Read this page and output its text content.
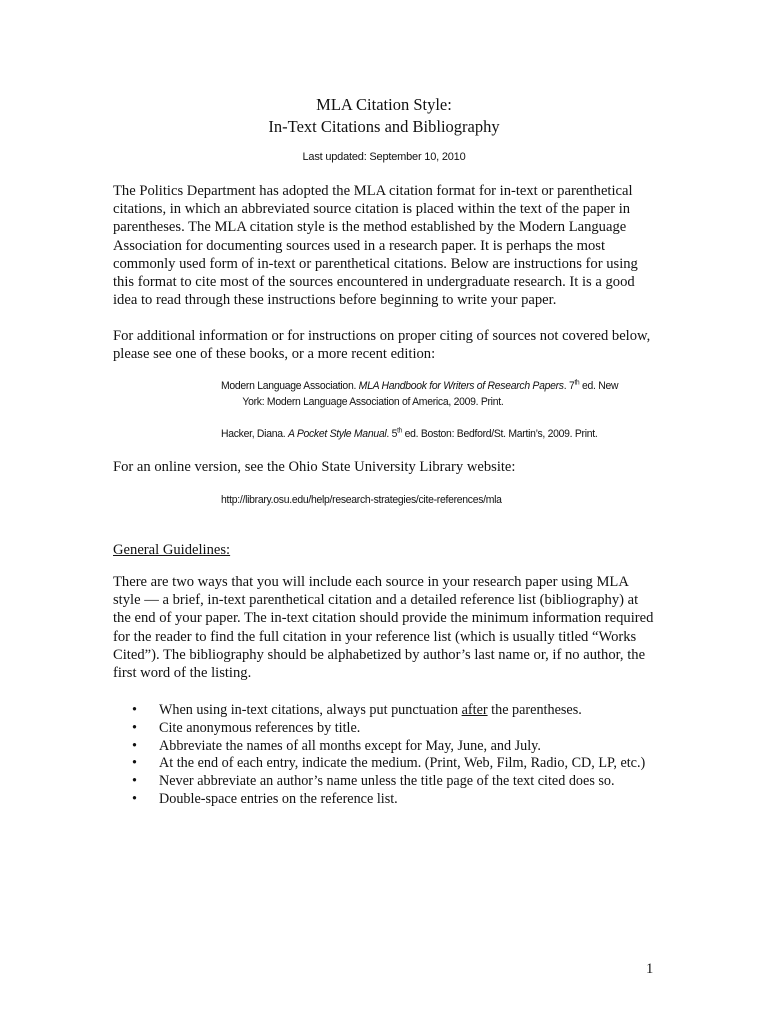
MLA Citation Style:
In-Text Citations and Bibliography
Last updated: September 10, 2010
The Politics Department has adopted the MLA citation format for in-text or parenthetical citations, in which an abbreviated source citation is placed within the text of the paper in parentheses. The MLA citation style is the method established by the Modern Language Association for documenting sources used in a research paper. It is perhaps the most commonly used form of in-text or parenthetical citations. Below are instructions for using this format to cite most of the sources encountered in undergraduate research. It is a good idea to read through these instructions before beginning to write your paper.
For additional information or for instructions on proper citing of sources not covered below, please see one of these books, or a more recent edition:
Modern Language Association. MLA Handbook for Writers of Research Papers. 7th ed. New
York: Modern Language Association of America, 2009. Print.
Hacker, Diana. A Pocket Style Manual. 5th ed. Boston: Bedford/St. Martin’s, 2009. Print.
For an online version, see the Ohio State University Library website:
http://library.osu.edu/help/research-strategies/cite-references/mla
General Guidelines:
There are two ways that you will include each source in your research paper using MLA style — a brief, in-text parenthetical citation and a detailed reference list (bibliography) at the end of your paper. The in-text citation should provide the minimum information required for the reader to find the full citation in your reference list (which is usually titled “Works Cited”). The bibliography should be alphabetized by author’s last name or, if no author, the first word of the listing.
• When using in-text citations, always put punctuation after the parentheses.
• Cite anonymous references by title.
• Abbreviate the names of all months except for May, June, and July.
• At the end of each entry, indicate the medium. (Print, Web, Film, Radio, CD, LP, etc.)
• Never abbreviate an author’s name unless the title page of the text cited does so.
• Double-space entries on the reference list.
1
